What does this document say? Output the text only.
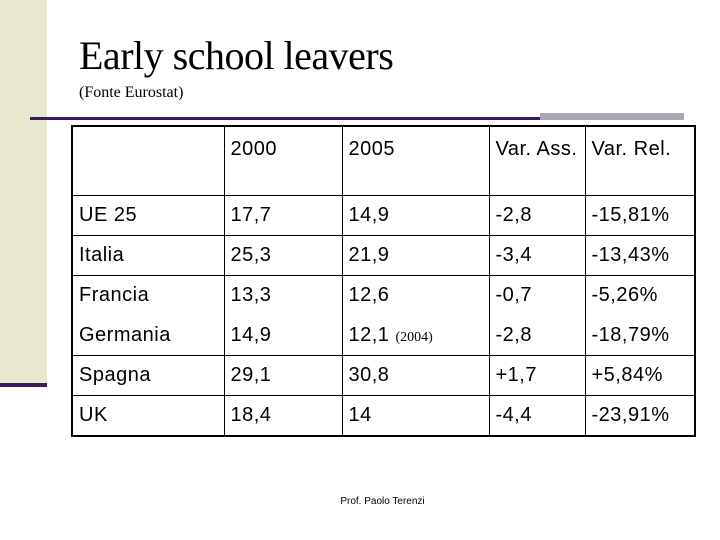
Early school leavers
(Fonte Eurostat)
	2000	2005	Var. Ass.	Var. Rel.
UE 25	17,7	14,9	-2,8	-15,81%
Italia	25,3	21,9	-3,4	-13,43%
Francia	13,3	12,6	-0,7	-5,26%
Germania	14,9	12,1 (2004)	-2,8	-18,79%
Spagna	29,1	30,8	+1,7	+5,84%
UK	18,4	14	-4,4	-23,91%
Prof. Paolo Terenzi
